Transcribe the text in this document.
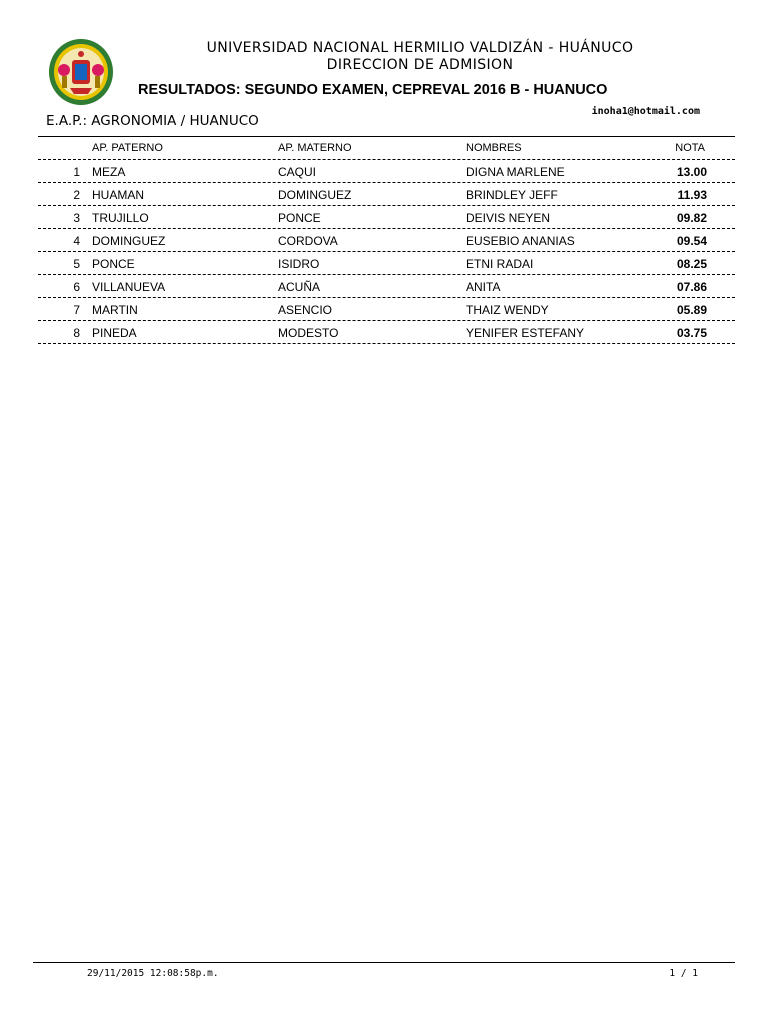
UNIVERSIDAD NACIONAL HERMILIO VALDIZÁN - HUÁNUCO
DIRECCION DE ADMISION
RESULTADOS: SEGUNDO EXAMEN, CEPREVAL 2016 B - HUANUCO
inoha1@hotmail.com
E.A.P.: AGRONOMIA / HUANUCO
AP. PATERNO	AP. MATERNO	NOMBRES	NOTA
1 MEZA	CAQUI	DIGNA MARLENE	13.00
2 HUAMAN	DOMINGUEZ	BRINDLEY JEFF	11.93
3 TRUJILLO	PONCE	DEIVIS NEYEN	09.82
4 DOMINGUEZ	CORDOVA	EUSEBIO ANANIAS	09.54
5 PONCE	ISIDRO	ETNI RADAI	08.25
6 VILLANUEVA	ACUÑA	ANITA	07.86
7 MARTIN	ASENCIO	THAIZ WENDY	05.89
8 PINEDA	MODESTO	YENIFER ESTEFANY	03.75
29/11/2015 12:08:58p.m.	1 / 1
